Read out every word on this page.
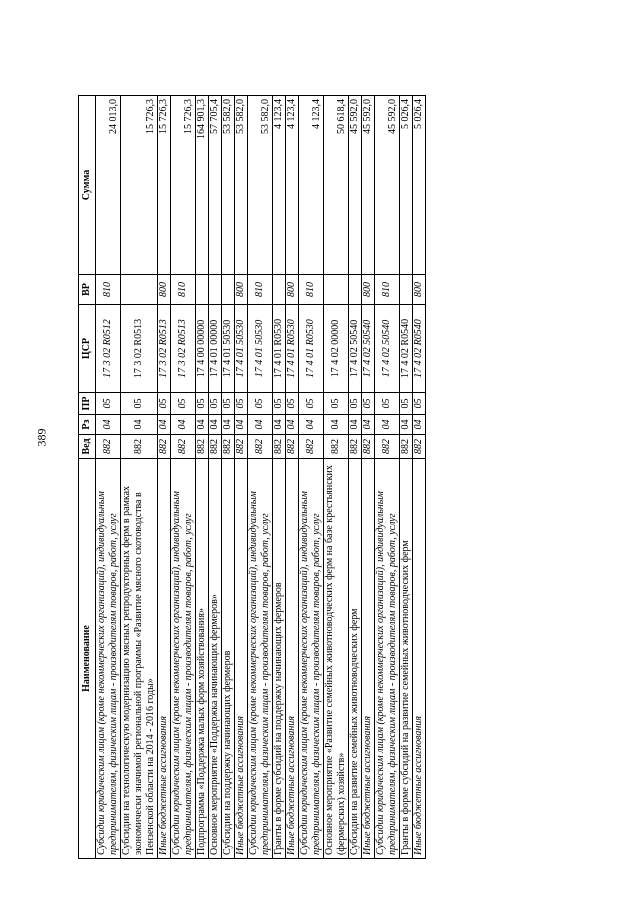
389
Наименование	Вед	Рз	ПР	ЦСР	ВР	Сумма
Субсидии юридическим лицам (кроме некоммерческих организаций), индивидуальным предпринимателям, физическим лицам - производителям товаров, работ, услуг	882	04	05	17 3 02 R0512	810	24 013,0
Субсидии на технологическую модернизацию мясных репродукторных ферм в рамках экономически значимой региональной программы «Развитие мясного скотоводства в Пензенской области на 2014 - 2016 годы»	882	04	05	17 3 02 R0513		15 726,3
Иные бюджетные ассигнования	882	04	05	17 3 02 R0513	800	15 726,3
Субсидии юридическим лицам (кроме некоммерческих организаций), индивидуальным предпринимателям, физическим лицам - производителям товаров, работ, услуг	882	04	05	17 3 02 R0513	810	15 726,3
Подпрограмма «Поддержка малых форм хозяйствования»	882	04	05	17 4 00 00000		164 901,3
Основное мероприятие «Поддержка начинающих фермеров»	882	04	05	17 4 01 00000		57 705,4
Субсидии на поддержку начинающих фермеров	882	04	05	17 4 01 50530		53 582,0
Иные бюджетные ассигнования	882	04	05	17 4 01 50530	800	53 582,0
Субсидии юридическим лицам (кроме некоммерческих организаций), индивидуальным предпринимателям, физическим лицам - производителям товаров, работ, услуг	882	04	05	17 4 01 50530	810	53 582,0
Гранты в форме субсидий на поддержку начинающих фермеров	882	04	05	17 4 01 R0530		4 123,4
Иные бюджетные ассигнования	882	04	05	17 4 01 R0530	800	4 123,4
Субсидии юридическим лицам (кроме некоммерческих организаций), индивидуальным предпринимателям, физическим лицам - производителям товаров, работ, услуг	882	04	05	17 4 01 R0530	810	4 123,4
Основное мероприятие «Развитие семейных животноводческих ферм на базе крестьянских (фермерских) хозяйств»	882	04	05	17 4 02 00000		50 618,4
Субсидии на развитие семейных животноводческих ферм	882	04	05	17 4 02 50540		45 592,0
Иные бюджетные ассигнования	882	04	05	17 4 02 50540	800	45 592,0
Субсидии юридическим лицам (кроме некоммерческих организаций), индивидуальным предпринимателям, физическим лицам - производителям товаров, работ, услуг	882	04	05	17 4 02 50540	810	45 592,0
Гранты в форме субсидий на развитие семейных животноводческих ферм	882	04	05	17 4 02 R0540		5 026,4
Иные бюджетные ассигнования	882	04	05	17 4 02 R0540	800	5 026,4
